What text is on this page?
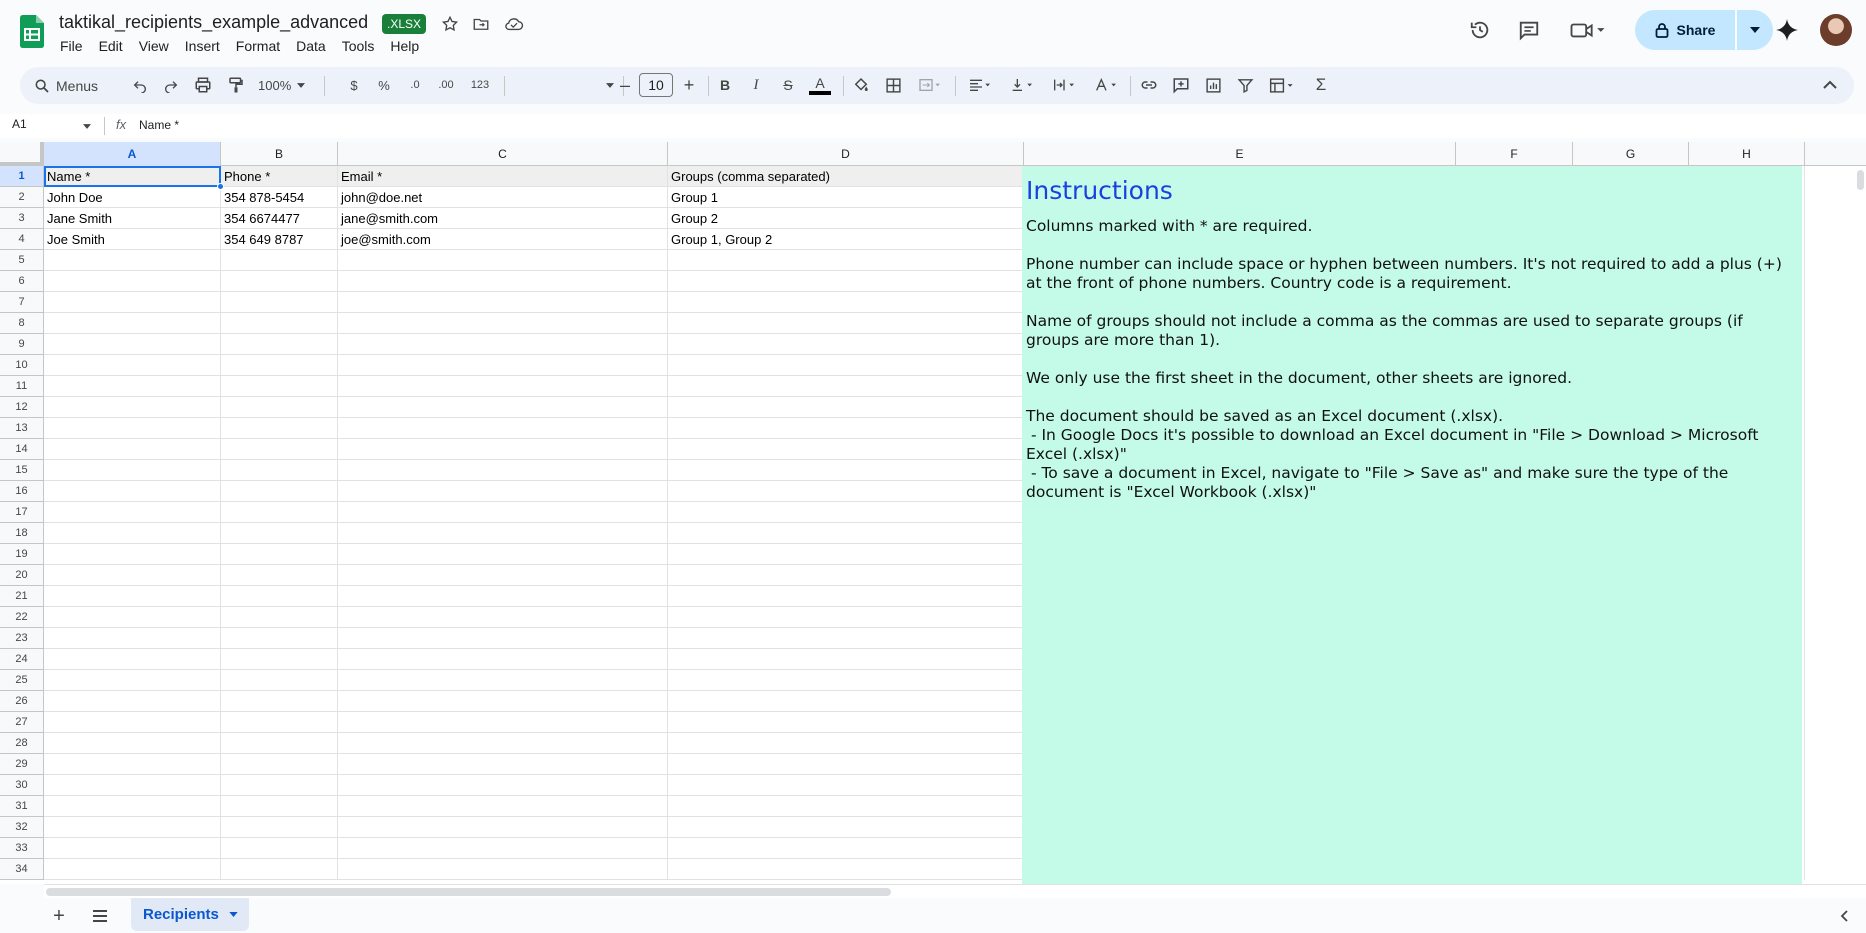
taktikal_recipients_example_advanced	.XLSX
File	Edit	View	Insert	Format	Data	Tools	Help
Share
Menus	100%	$	%	.0	.00	123	–	10	+ B	I	S	A	Σ
A1	fx Name *
A	B	C	D	E	F	G	H
1
2
3
4
5
6
7
8
9
10
11
12
13
14
15
16
17
18
19
20
21
22
23
24
25
26
27
28
29
30
31
32
33
34
Name *	Phone *	Email *	Groups (comma separated)
John Doe	354 878-5454	john@doe.net	Group 1
Jane Smith	354 6674477	jane@smith.com	Group 2
Joe Smith	354 649 8787	joe@smith.com	Group 1, Group 2
Instructions
Columns marked with * are required.
Phone number can include space or hyphen between numbers. It's not required to add a plus (+) at the front of phone numbers. Country code is a requirement.
Name of groups should not include a comma as the commas are used to separate groups (if groups are more than 1).
We only use the first sheet in the document, other sheets are ignored.
The document should be saved as an Excel document (.xlsx).
- In Google Docs it's possible to download an Excel document in "File > Download > Microsoft Excel (.xlsx)"
- To save a document in Excel, navigate to "File > Save as" and make sure the type of the document is "Excel Workbook (.xlsx)"
+	Recipients
